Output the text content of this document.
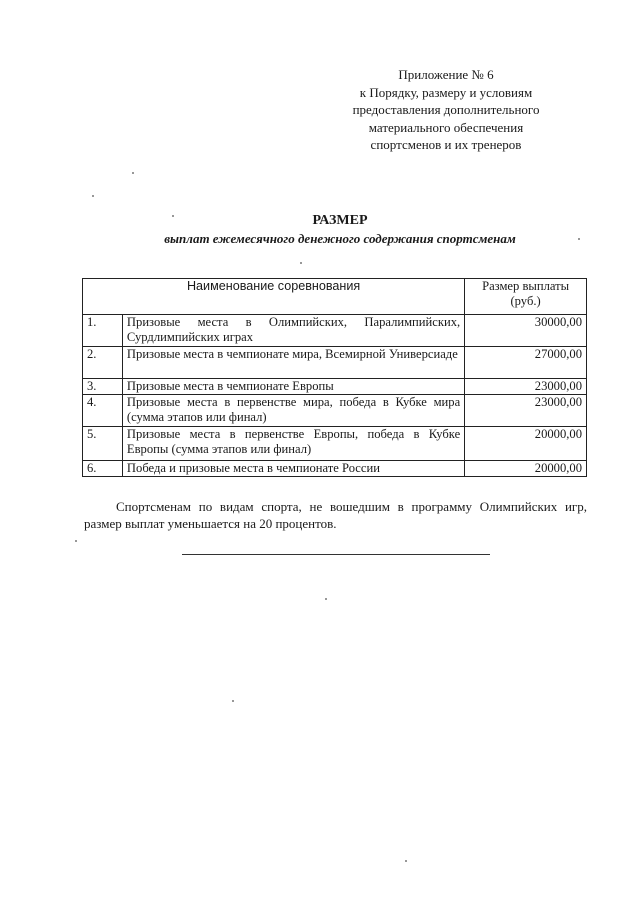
Приложение № 6
к Порядку, размеру и условиям
предоставления дополнительного
материального обеспечения
спортсменов и их тренеров
РАЗМЕР
выплат ежемесячного денежного содержания спортсменам
Наименование соревнования		Размер выплаты (руб.)
1.	Призовые места в Олимпийских, Паралимпийских, Сурдлимпийских играх	30000,00
2.	Призовые места в чемпионате мира, Всемирной Универсиаде	27000,00
3.	Призовые места в чемпионате Европы	23000,00
4.	Призовые места в первенстве мира, победа в Кубке мира (сумма этапов или финал)	23000,00
5.	Призовые места в первенстве Европы, победа в Кубке Европы (сумма этапов или финал)	20000,00
6.	Победа и призовые места в чемпионате России	20000,00
Спортсменам по видам спорта, не вошедшим в программу Олимпийских игр, размер выплат уменьшается на 20 процентов.
